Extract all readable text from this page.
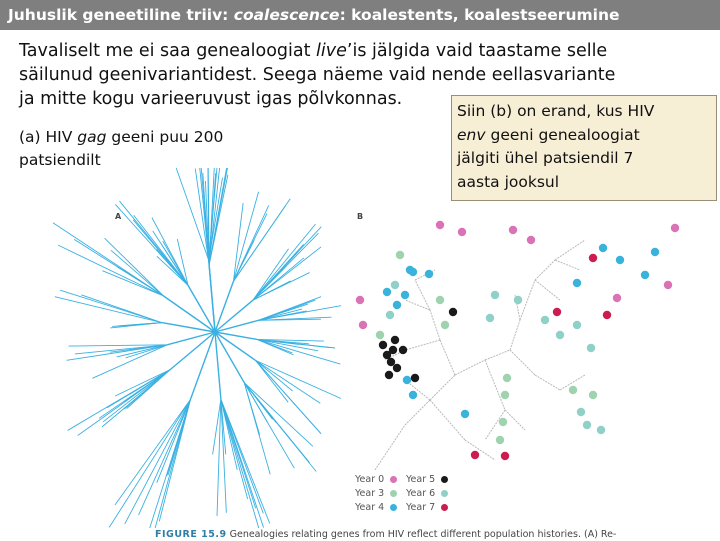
Juhuslik geneetiline triiv: coalescence: koalestents, koalestseerumine

Tavaliselt me ei saa genealoogiat live’is jälgida vaid taastame selle

säilunud geenivariantidest. Seega näeme vaid nende eellasvariante

ja mitte kogu varieeruvust igas põlvkonnas.

(a) HIV gag geeni puu 200
patsiendilt

Siin (b) on erand, kus HIV

env geeni genealoogiat

jälgiti ühel patsiendil 7

aasta jooksul

A	B
Year 0
Year 3
Year 4
Year 5
Year 6
Year 7
FIGURE 15.9 Genealogies relating genes from HIV reflect different population histories. (A) Re-
